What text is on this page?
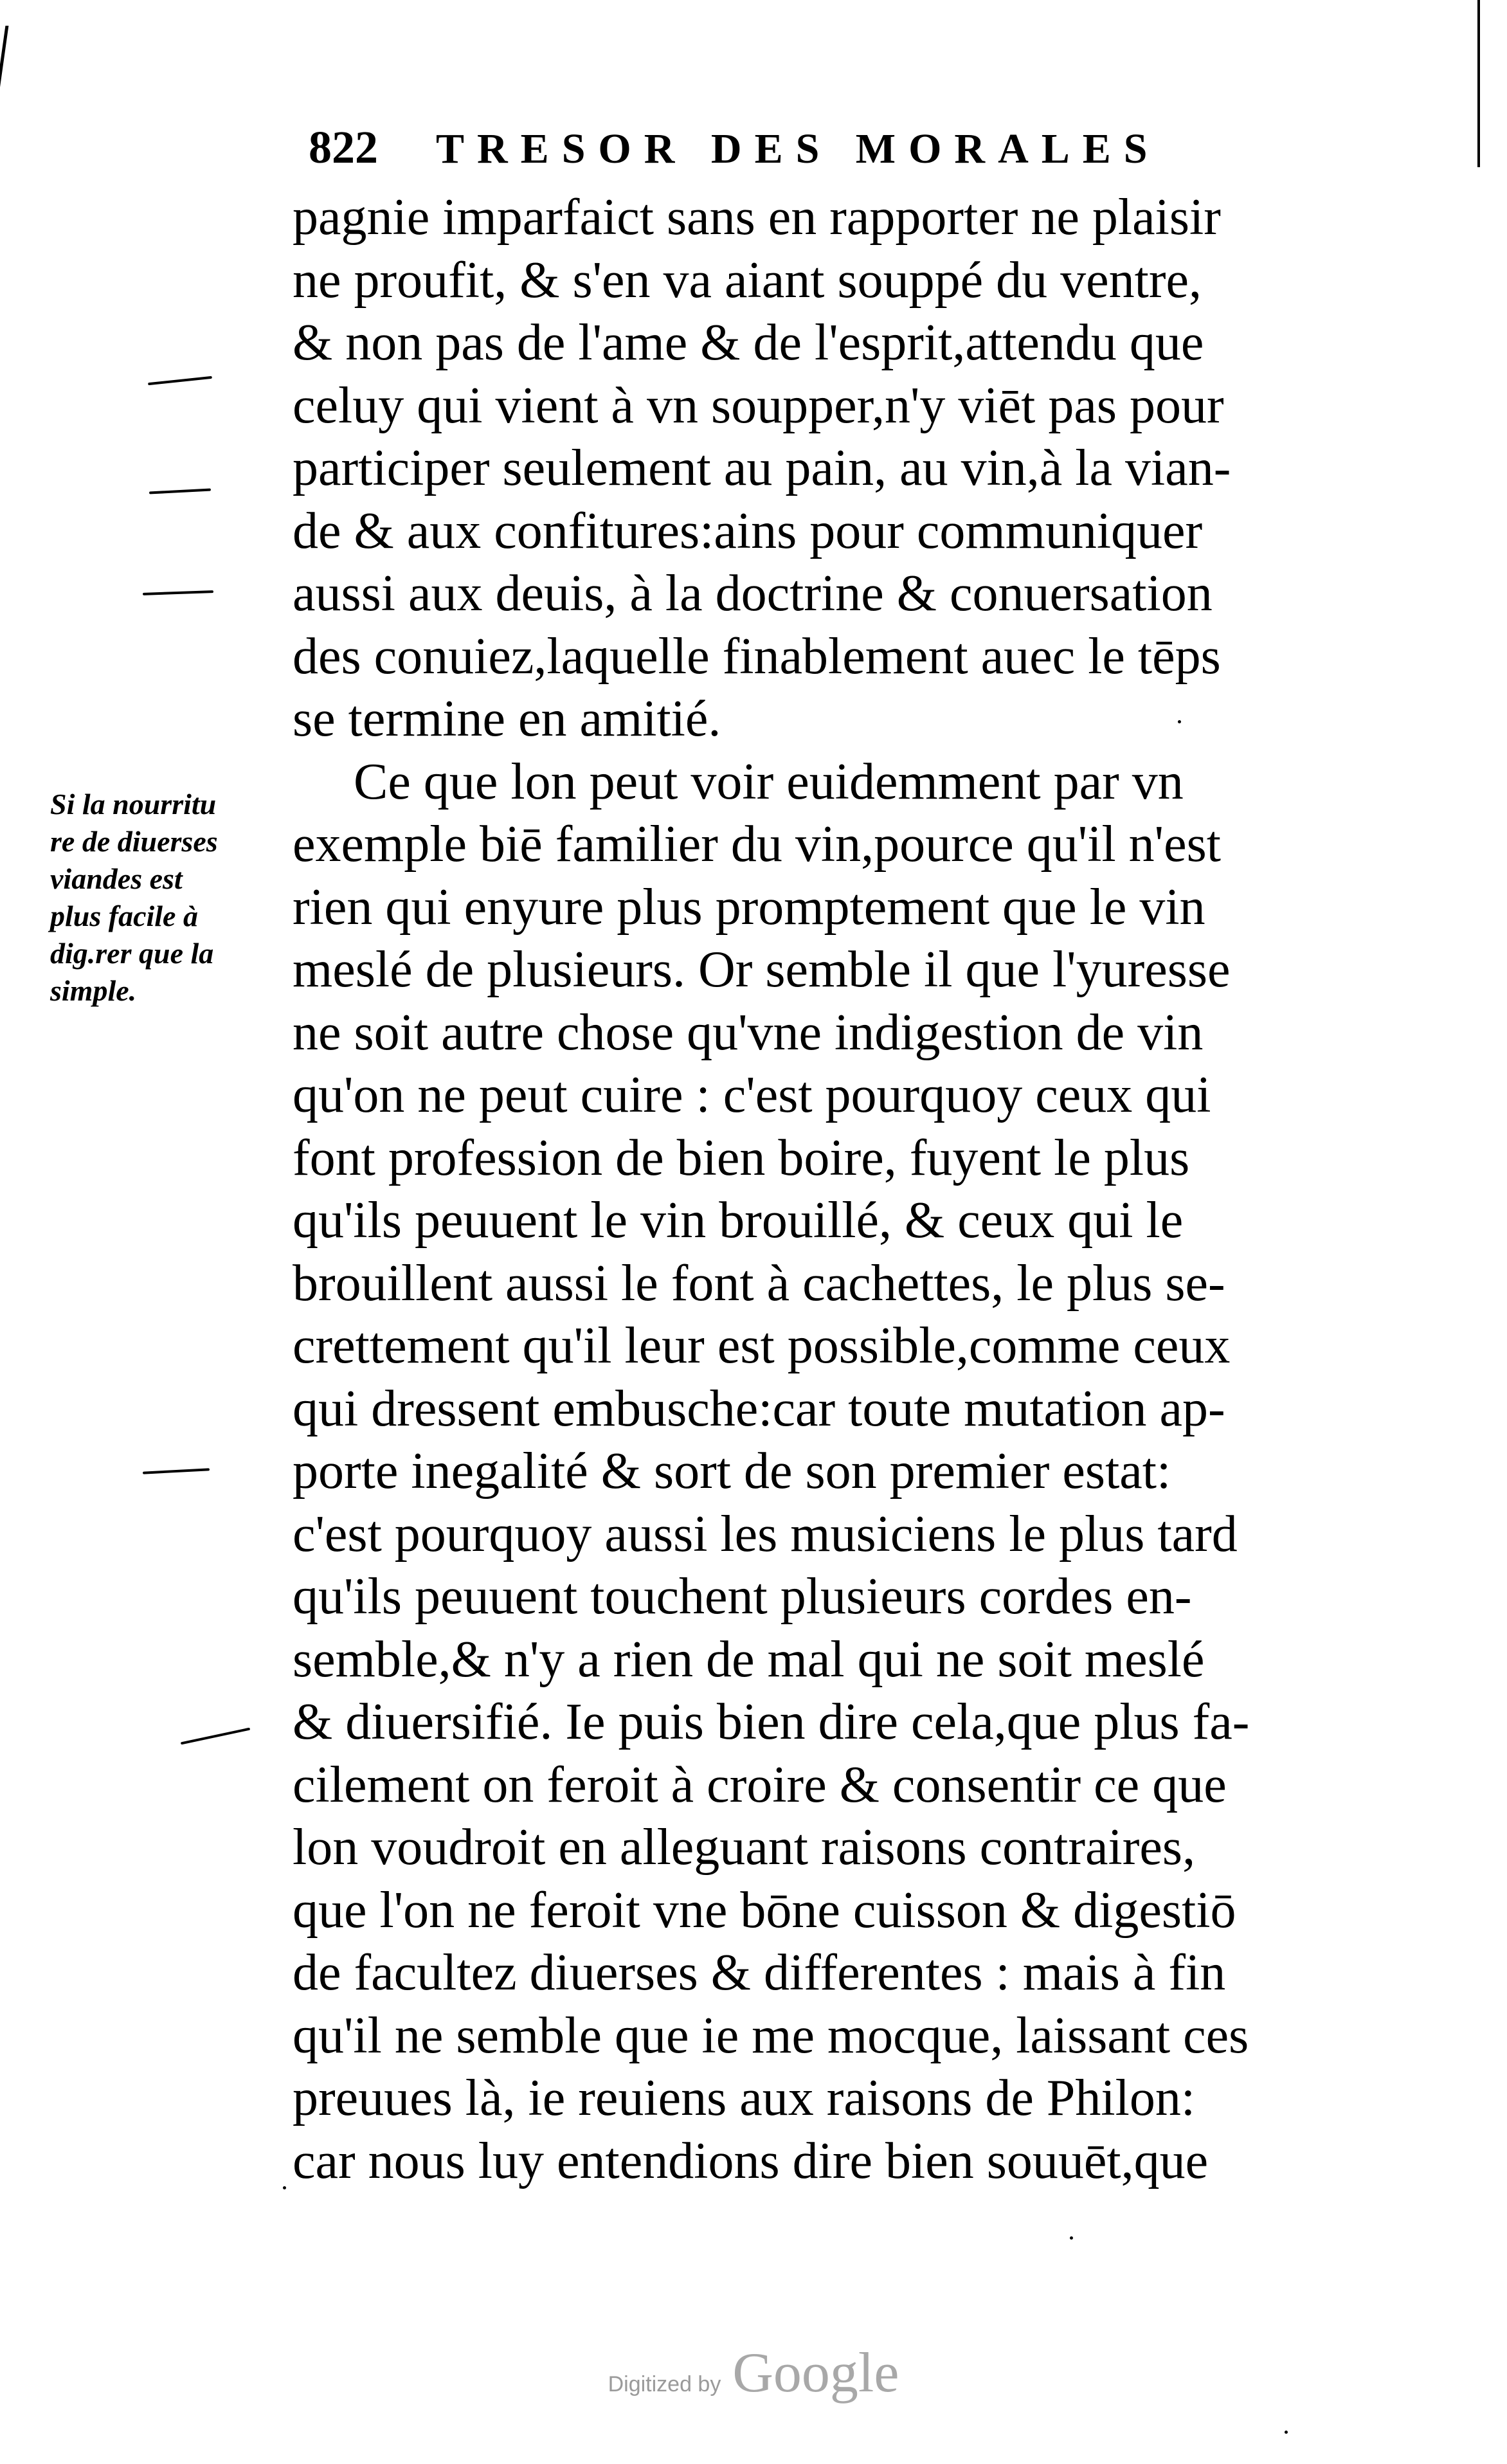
822 TRESOR DES MORALES
Si la nourritu
re de diuerses
viandes est
plus facile à
dig.rer que la
simple.
pagnie imparfaict sans en rapporter ne plaisir
ne proufit, & s'en va aiant souppé du ventre,
& non pas de l'ame & de l'esprit,attendu que
celuy qui vient à vn soupper,n'y viēt pas pour
participer seulement au pain, au vin,à la vian-
de & aux confitures:ains pour communiquer
aussi aux deuis, à la doctrine & conuersation
des conuiez,laquelle finablement auec le tēps
se termine en amitié.
Ce que lon peut voir euidemment par vn
exemple biē familier du vin,pource qu'il n'est
rien qui enyure plus promptement que le vin
meslé de plusieurs. Or semble il que l'yuresse
ne soit autre chose qu'vne indigestion de vin
qu'on ne peut cuire : c'est pourquoy ceux qui
font profession de bien boire, fuyent le plus
qu'ils peuuent le vin brouillé, & ceux qui le
brouillent aussi le font à cachettes, le plus se-
crettement qu'il leur est possible,comme ceux
qui dressent embusche:car toute mutation ap-
porte inegalité & sort de son premier estat:
c'est pourquoy aussi les musiciens le plus tard
qu'ils peuuent touchent plusieurs cordes en-
semble,& n'y a rien de mal qui ne soit meslé
& diuersifié. Ie puis bien dire cela,que plus fa-
cilement on feroit à croire & consentir ce que
lon voudroit en alleguant raisons contraires,
que l'on ne feroit vne bōne cuisson & digestiō
de facultez diuerses & differentes : mais à fin
qu'il ne semble que ie me mocque, laissant ces
preuues là, ie reuiens aux raisons de Philon:
car nous luy entendions dire bien souuēt,que
Digitized by Google
